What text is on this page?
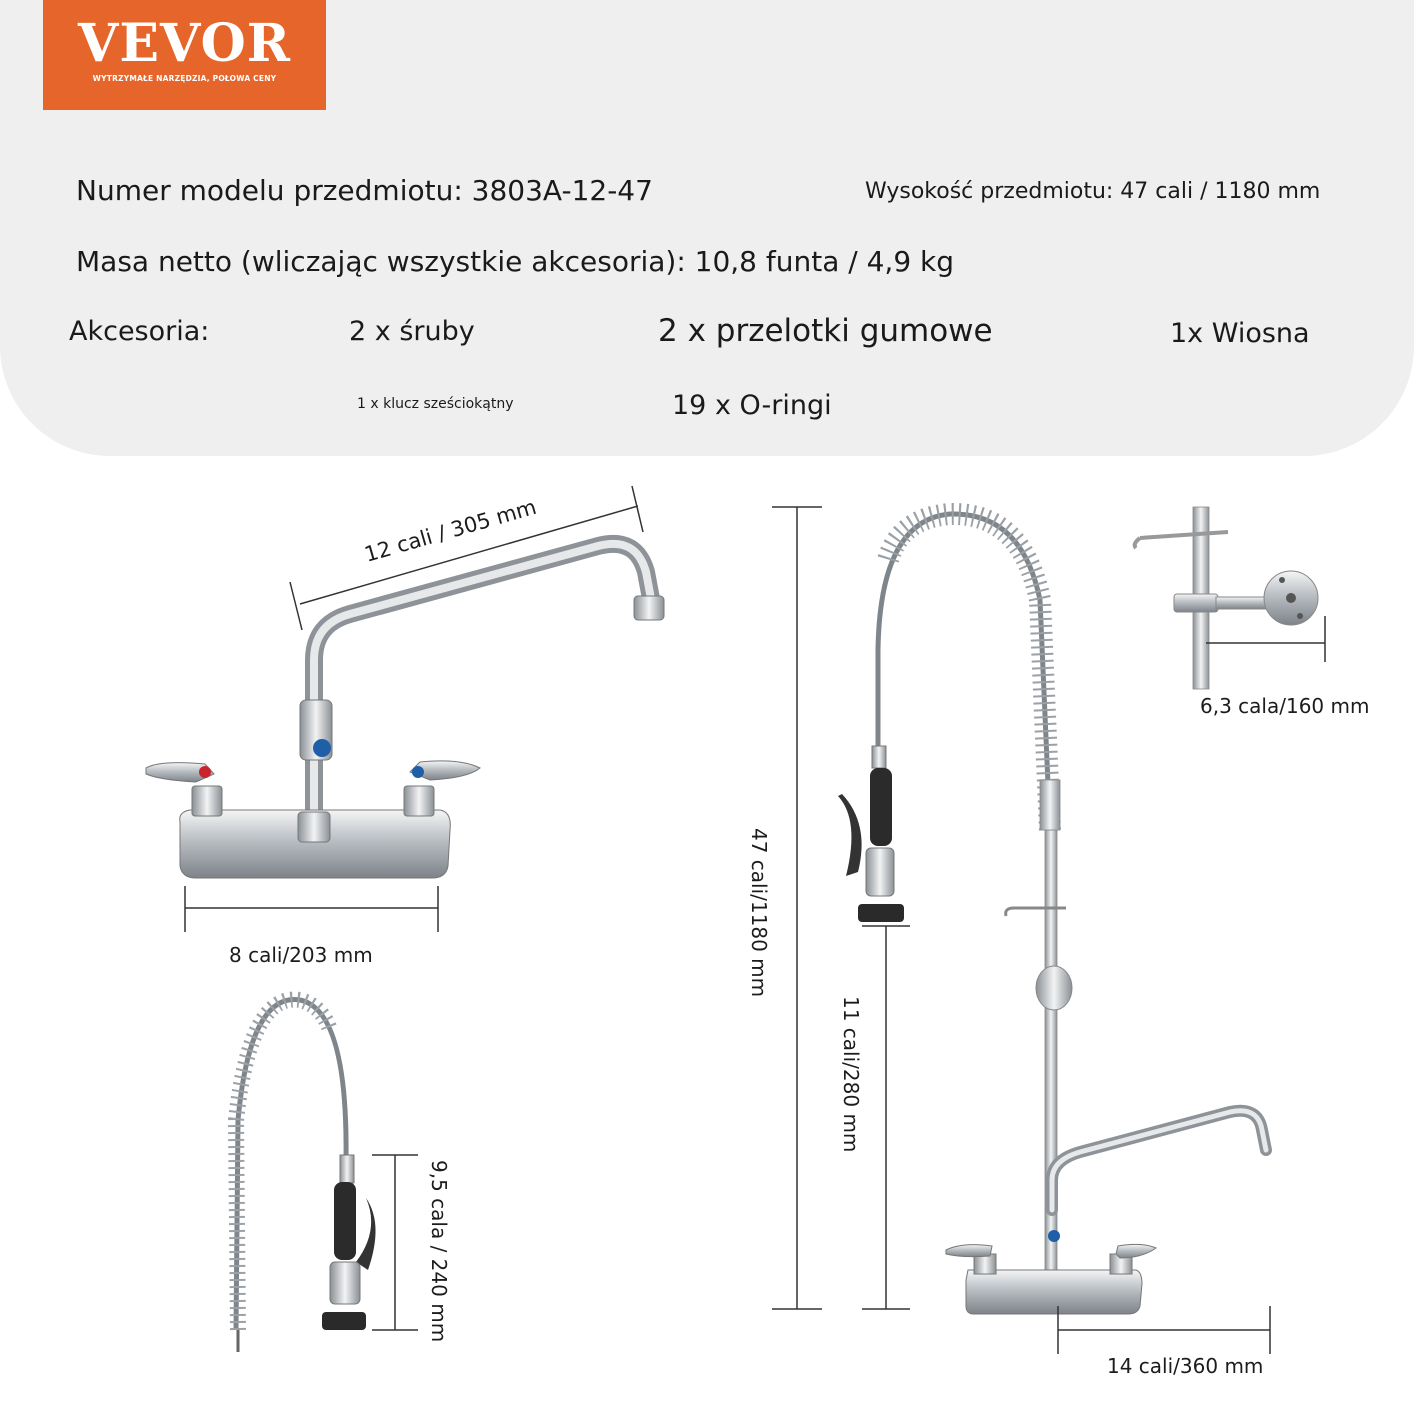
VEVOR
WYTRZYMAŁE NARZĘDZIA, POŁOWA CENY
Numer modelu przedmiotu: 3803A-12-47	Wysokość przedmiotu: 47 cali / 1180 mm
Masa netto (wliczając wszystkie akcesoria): 10,8 funta / 4,9 kg
Akcesoria:	2 x śruby	2 x przelotki gumowe	1x Wiosna
1 x klucz sześciokątny	19 x O-ringi
12 cali / 305 mm
9,5 cala / 240 mm
47 cali/1180 mm
11 cali/280 mm
8 cali/203 mm
6,3 cala/160 mm
14 cali/360 mm
